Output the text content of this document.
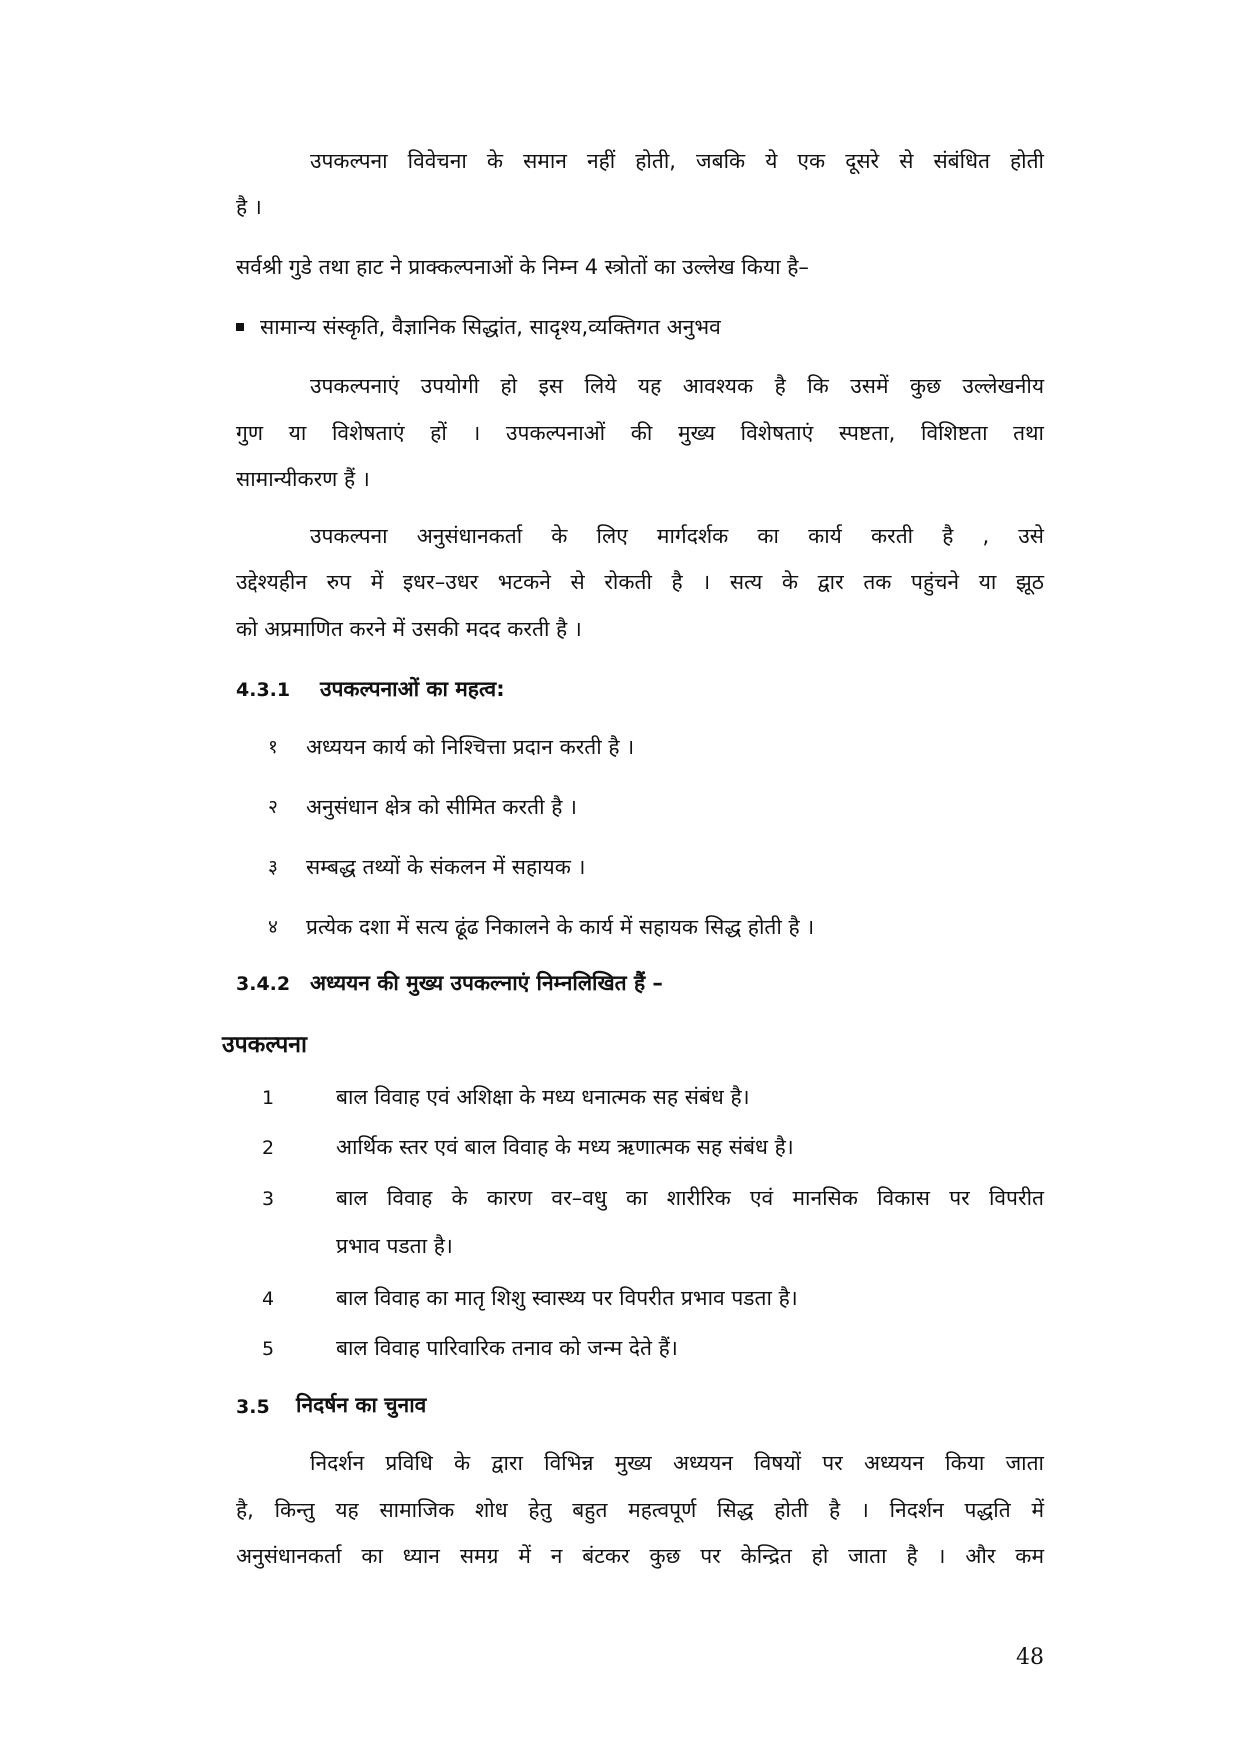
उपकल्पना विवेचना के समान नहीं होती, जबकि ये एक दूसरे से संबंधित होती
है ।
सर्वश्री गुडे तथा हाट ने प्राक्कल्पनाओं के निम्न 4 स्त्रोतों का उल्लेख किया है–
सामान्य संस्कृति, वैज्ञानिक सिद्धांत, सादृश्य,व्यक्तिगत अनुभव
उपकल्पनाएं उपयोगी हो इस लिये यह आवश्यक है कि उसमें कुछ उल्लेखनीय
गुण या विशेषताएं हों । उपकल्पनाओं की मुख्य विशेषताएं स्पष्टता, विशिष्टता तथा
सामान्यीकरण हैं ।
उपकल्पना अनुसंधानकर्ता के लिए मार्गदर्शक का कार्य करती है , उसे
उद्देश्यहीन रुप में इधर–उधर भटकने से रोकती है । सत्य के द्वार तक पहुंचने या झूठ
को अप्रमाणित करने में उसकी मदद करती है ।
4.3.1 उपकल्पनाओं का महत्व:
१ अध्ययन कार्य को निश्चित्ता प्रदान करती है ।
२ अनुसंधान क्षेत्र को सीमित करती है ।
३ सम्बद्ध तथ्यों के संकलन में सहायक ।
४ प्रत्येक दशा में सत्य ढूंढ निकालने के कार्य में सहायक सिद्ध होती है ।
3.4.2 अध्ययन की मुख्य उपकल्नाएं निम्नलिखित हैं –
उपकल्पना
1	बाल विवाह एवं अशिक्षा के मध्य धनात्मक सह संबंध है।
2	आर्थिक स्तर एवं बाल विवाह के मध्य ऋणात्मक सह संबंध है।
3	बाल विवाह के कारण वर–वधु का शारीरिक एवं मानसिक विकास पर विपरीत
प्रभाव पडता है।
4	बाल विवाह का मातृ शिशु स्वास्थ्य पर विपरीत प्रभाव पडता है।
5	बाल विवाह पारिवारिक तनाव को जन्म देते हैं।
3.5 निदर्षन का चुनाव
निदर्शन प्रविधि के द्वारा विभिन्न मुख्य अध्ययन विषयों पर अध्ययन किया जाता
है, किन्तु यह सामाजिक शोध हेतु बहुत महत्वपूर्ण सिद्ध होती है । निदर्शन पद्धति में
अनुसंधानकर्ता का ध्यान समग्र में न बंटकर कुछ पर केन्द्रित हो जाता है । और कम
48
